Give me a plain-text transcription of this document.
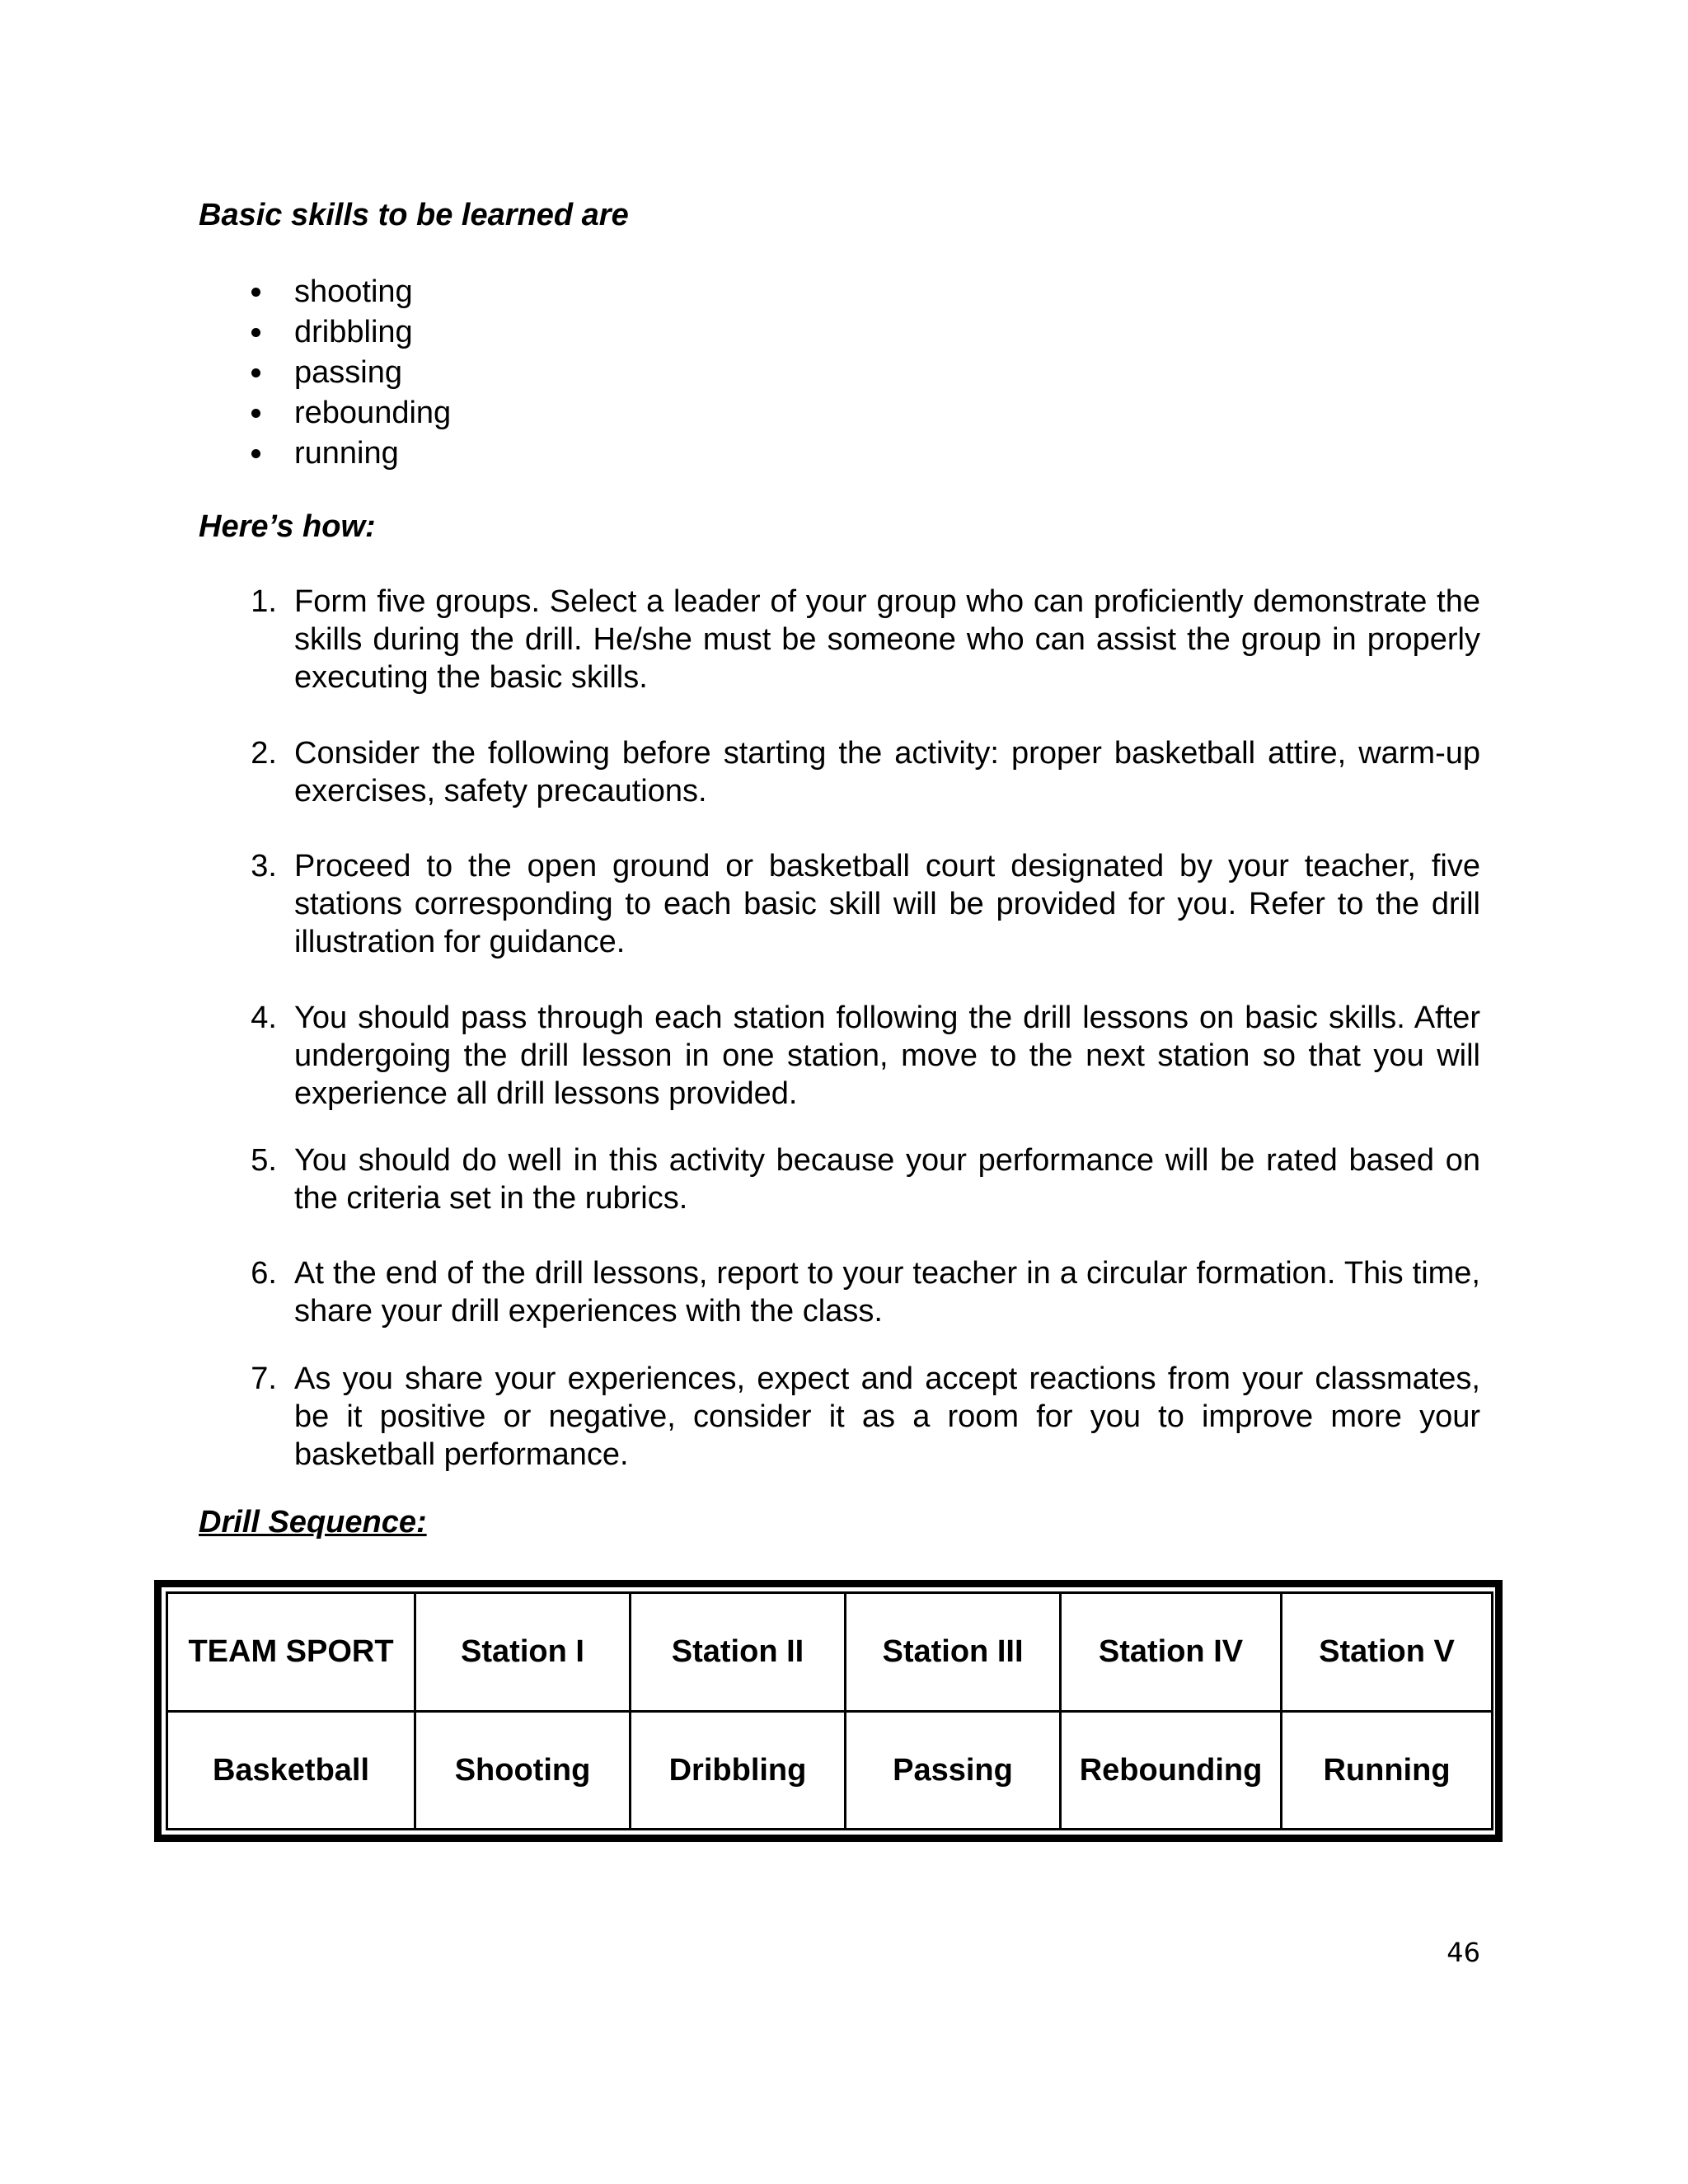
Basic skills to be learned are
shooting
dribbling
passing
rebounding
running
Here’s how:
1. Form five groups. Select a leader of your group who can proficiently demonstrate the skills during the drill. He/she must be someone who can assist the group in properly executing the basic skills.
2. Consider the following before starting the activity: proper basketball attire, warm-up exercises, safety precautions.
3. Proceed to the open ground or basketball court designated by your teacher, five stations corresponding to each basic skill will be provided for you. Refer to the drill illustration for guidance.
4. You should pass through each station following the drill lessons on basic skills. After undergoing the drill lesson in one station, move to the next station so that you will experience all drill lessons provided.
5. You should do well in this activity because your performance will be rated based on the criteria set in the rubrics.
6. At the end of the drill lessons, report to your teacher in a circular formation. This time, share your drill experiences with the class.
7. As you share your experiences, expect and accept reactions from your classmates, be it positive or negative, consider it as a room for you to improve more your basketball performance.
Drill Sequence:
TEAM SPORT	Station I	Station II	Station III	Station IV	Station V
Basketball	Shooting	Dribbling	Passing	Rebounding	Running
46
